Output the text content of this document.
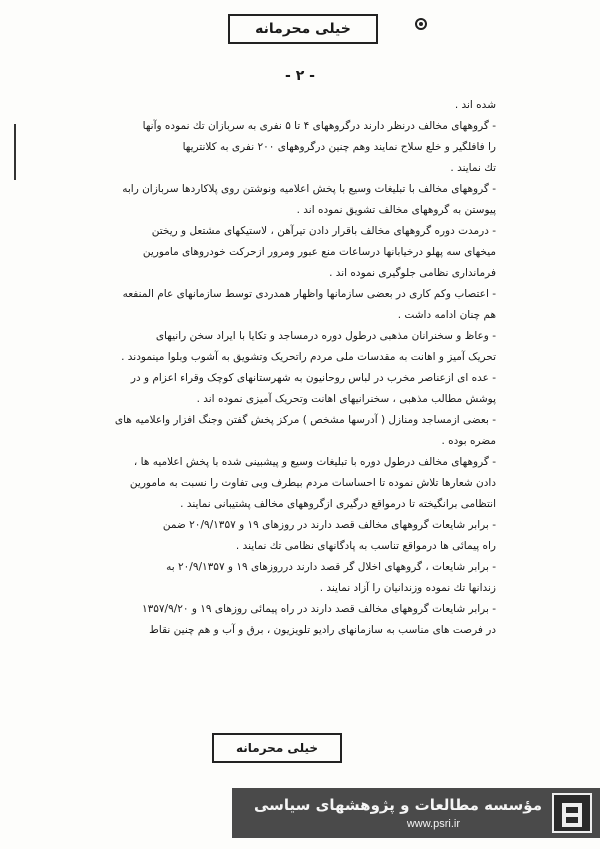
خیلی محرمانه
- ۲ -
شده اند .
- گروههای مخالف درنظر دارند درگروههای ۴ تا ۵ نفری به سربازان تك نموده وآنها
را فافلگیر و خلع سلاح نمایند وهم چنین درگروههای ۲۰۰ نفری به کلانتریها
تك نمایند .
- گروههای مخالف با تبلیغات وسیع با پخش اعلامیه ونوشتن روی پلاکاردها سربازان رابه
پیوستن به گروههای مخالف تشویق نموده اند .
- درمدت دوره گروههای مخالف باقرار دادن تیرآهن ، لاستیکهای مشتعل و ریختن
میخهای سه پهلو درخیابانها درساعات منع عبور ومرور ازحرکت خودروهای مامورین
فرمانداری نظامی جلوگیری نموده اند .
- اعتصاب وکم کاری در بعضی سازمانها واظهار همدردی توسط سازمانهای عام المنفعه
هم چنان ادامه داشت .
- وعاظ و سخنرانان مذهبی درطول دوره درمساجد و تکایا با ایراد سخن رانیهای
تحریک آمیز و اهانت به مقدسات ملی مردم راتحریک وتشویق به آشوب وبلوا مینمودند .
- عده ای ازعناصر مخرب در لباس روحانیون به شهرستانهای کوچک وقراء اعزام و در
پوشش مطالب مذهبی ، سخنرانیهای اهانت وتحریک آمیزی نموده اند .
- بعضی ازمساجد ومنازل ( آدرسها مشخص ) مرکز پخش گفتن وجنگ افزار واعلامیه های
مضره بوده .
- گروههای مخالف درطول دوره با تبلیغات وسیع و پیشبینی شده با پخش اعلامیه ها ،
دادن شعارها تلاش نموده تا احساسات مردم بیطرف وبی تفاوت را نسبت به مامورین
انتظامی برانگیخته تا درمواقع درگیری ازگروههای مخالف پشتیبانی نمایند .
- برابر شایعات گروههای مخالف قصد دارند در روزهای ۱۹ و ۲۰/۹/۱۳۵۷ ضمن
راه پیمائی ها درمواقع تناسب به پادگانهای نظامی تك نمایند .
- برابر شایعات ، گروههای اخلال گر قصد دارند درروزهای ۱۹ و ۲۰/۹/۱۳۵۷ به
زندانها تك نموده وزندانیان را آزاد نمایند .
- برابر شایعات گروههای مخالف قصد دارند در راه پیمائی روزهای ۱۹ و ۱۳۵۷/۹/۲۰
در فرصت های مناسب به سازمانهای رادیو تلویزیون ، برق و آب و هم چنین نقاط
خیلی محرمانه
مؤسسه مطالعات و پژوهشهای سیاسی
www.psri.ir
